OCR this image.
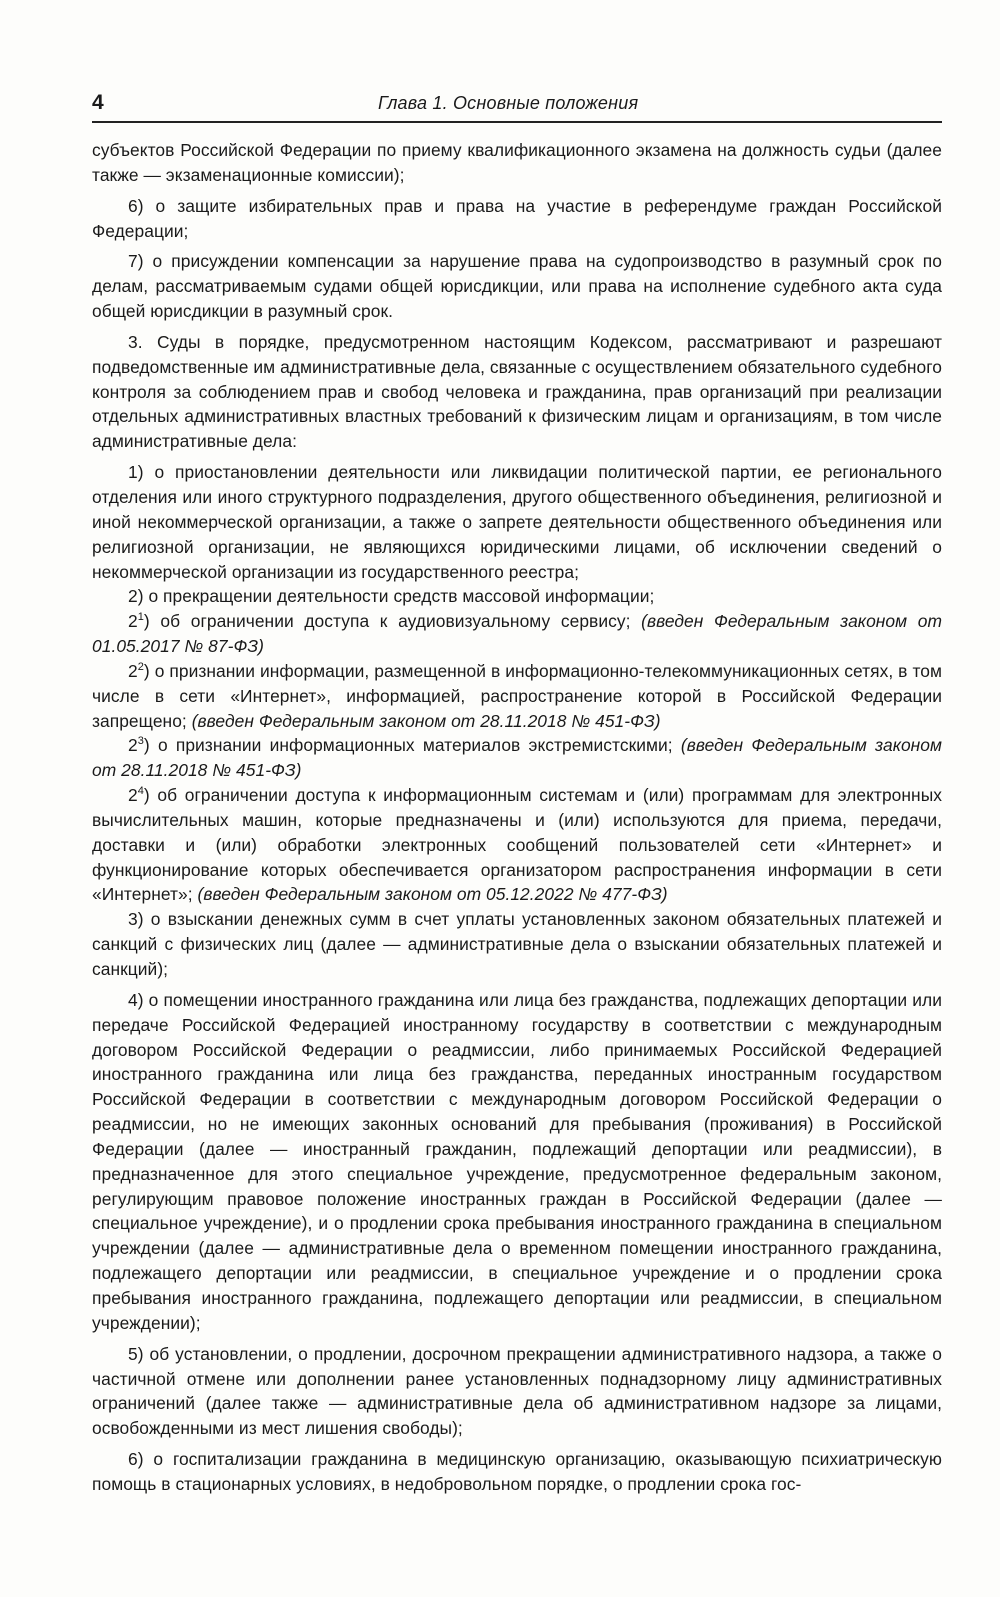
4	Глава 1. Основные положения

субъектов Российской Федерации по приему квалификационного экзамена на должность судьи (далее также — экзаменационные комиссии);

6) о защите избирательных прав и права на участие в референдуме граждан Российской Федерации;

7) о присуждении компенсации за нарушение права на судопроизводство в разумный срок по делам, рассматриваемым судами общей юрисдикции, или права на исполнение судебного акта суда общей юрисдикции в разумный срок.

3. Суды в порядке, предусмотренном настоящим Кодексом, рассматривают и разрешают подведомственные им административные дела, связанные с осуществлением обязательного судебного контроля за соблюдением прав и свобод человека и гражданина, прав организаций при реализации отдельных административных властных требований к физическим лицам и организациям, в том числе административные дела:

1) о приостановлении деятельности или ликвидации политической партии, ее регионального отделения или иного структурного подразделения, другого общественного объединения, религиозной и иной некоммерческой организации, а также о запрете деятельности общественного объединения или религиозной организации, не являющихся юридическими лицами, об исключении сведений о некоммерческой организации из государственного реестра;

2) о прекращении деятельности средств массовой информации;

$2^1$) об ограничении доступа к аудиовизуальному сервису; (введен Федеральным законом от 01.05.2017 № 87-ФЗ)

$2^2$) о признании информации, размещенной в информационно-телекоммуникационных сетях, в том числе в сети «Интернет», информацией, распространение которой в Российской Федерации запрещено; (введен Федеральным законом от 28.11.2018 № 451-ФЗ)

$2^3$) о признании информационных материалов экстремистскими; (введен Федеральным законом от 28.11.2018 № 451-ФЗ)

$2^4$) об ограничении доступа к информационным системам и (или) программам для электронных вычислительных машин, которые предназначены и (или) используются для приема, передачи, доставки и (или) обработки электронных сообщений пользователей сети «Интернет» и функционирование которых обеспечивается организатором распространения информации в сети «Интернет»; (введен Федеральным законом от 05.12.2022 № 477-ФЗ)

3) о взыскании денежных сумм в счет уплаты установленных законом обязательных платежей и санкций с физических лиц (далее — административные дела о взыскании обязательных платежей и санкций);

4) о помещении иностранного гражданина или лица без гражданства, подлежащих депортации или передаче Российской Федерацией иностранному государству в соответствии с международным договором Российской Федерации о реадмиссии, либо принимаемых Российской Федерацией иностранного гражданина или лица без гражданства, переданных иностранным государством Российской Федерации в соответствии с международным договором Российской Федерации о реадмиссии, но не имеющих законных оснований для пребывания (проживания) в Российской Федерации (далее — иностранный гражданин, подлежащий депортации или реадмиссии), в предназначенное для этого специальное учреждение, предусмотренное федеральным законом, регулирующим правовое положение иностранных граждан в Российской Федерации (далее — специальное учреждение), и о продлении срока пребывания иностранного гражданина в специальном учреждении (далее — административные дела о временном помещении иностранного гражданина, подлежащего депортации или реадмиссии, в специальное учреждение и о продлении срока пребывания иностранного гражданина, подлежащего депортации или реадмиссии, в специальном учреждении);

5) об установлении, о продлении, досрочном прекращении административного надзора, а также о частичной отмене или дополнении ранее установленных поднадзорному лицу административных ограничений (далее также — административные дела об административном надзоре за лицами, освобожденными из мест лишения свободы);

6) о госпитализации гражданина в медицинскую организацию, оказывающую психиатрическую помощь в стационарных условиях, в недобровольном порядке, о продлении срока гос-
